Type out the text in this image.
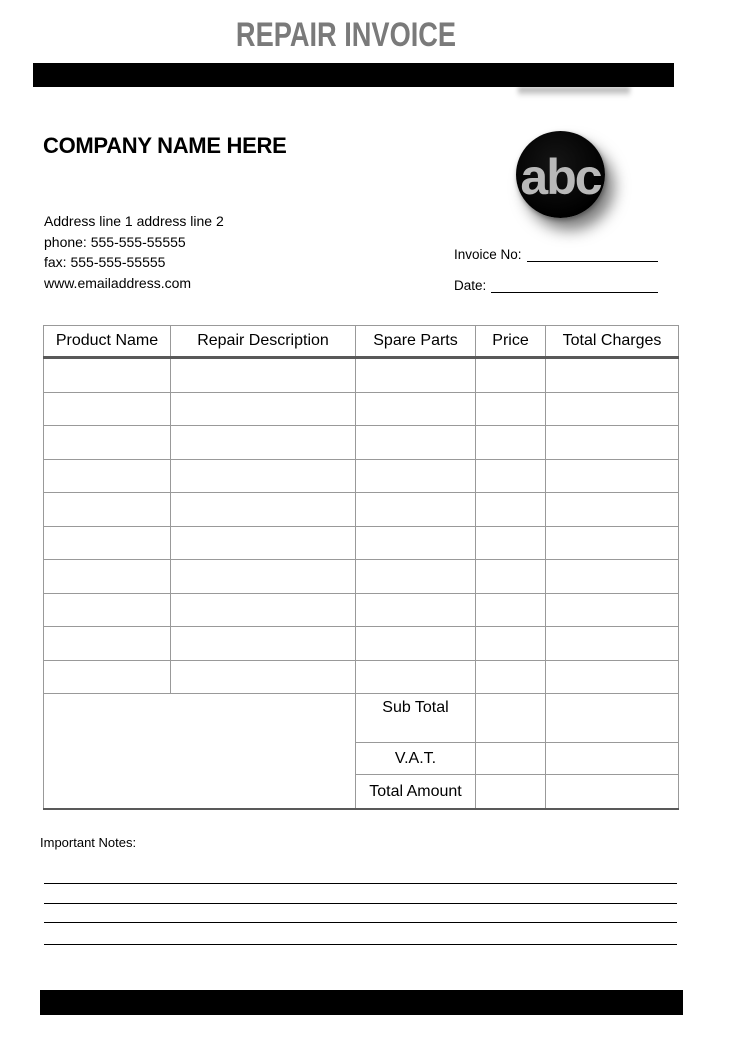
REPAIR INVOICE
abc
COMPANY NAME HERE
Address line 1 address line 2
phone: 555-555-55555
fax: 555-555-55555
www.emailaddress.com
Invoice No:
Date:
Product Name	Repair Description	Spare Parts	Price	Total Charges

		Sub Total		
		V.A.T.		
		Total Amount		
Important Notes:
